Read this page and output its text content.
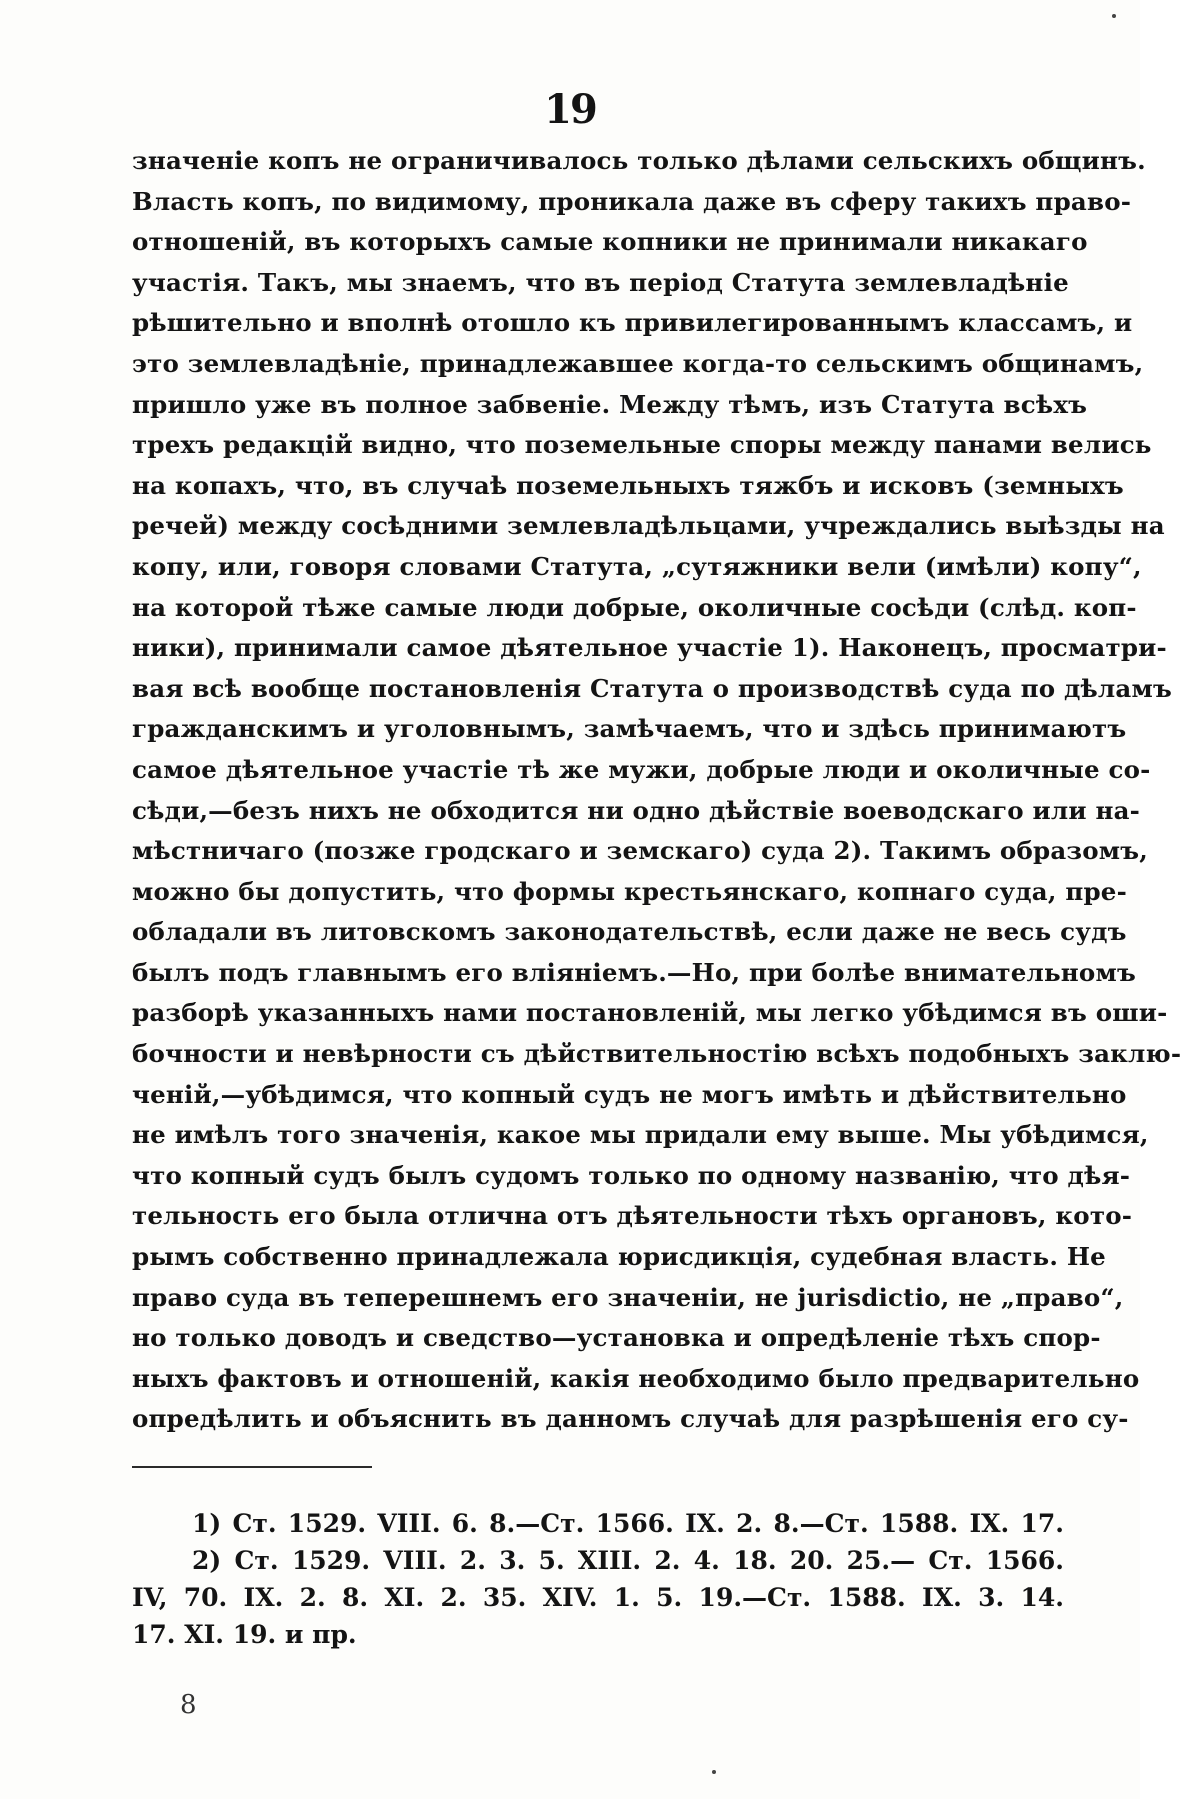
19
значеніе копъ не ограничивалось только дѣлами сельскихъ общинъ.
Власть копъ, по видимому, проникала даже въ сферу такихъ право-
отношеній, въ которыхъ самые копники не принимали никакаго
участія. Такъ, мы знаемъ, что въ період Статута землевладѣніе
рѣшительно и вполнѣ отошло къ привилегированнымъ классамъ, и
это землевладѣніе, принадлежавшее когда-то сельскимъ общинамъ,
пришло уже въ полное забвеніе. Между тѣмъ, изъ Статута всѣхъ
трехъ редакцій видно, что поземельные споры между панами велись
на копахъ, что, въ случаѣ поземельныхъ тяжбъ и исковъ (земныхъ
речей) между сосѣдними землевладѣльцами, учреждались выѣзды на
копу, или, говоря словами Статута, „сутяжники вели (имѣли) копу“,
на которой тѣже самые люди добрые, околичные сосѣди (слѣд. коп-
ники), принимали самое дѣятельное участіе 1). Наконецъ, просматри-
вая всѣ вообще постановленія Статута о производствѣ суда по дѣламъ
гражданскимъ и уголовнымъ, замѣчаемъ, что и здѣсь принимаютъ
самое дѣятельное участіе тѣ же мужи, добрые люди и околичные со-
сѣди,—безъ нихъ не обходится ни одно дѣйствіе воеводскаго или на-
мѣстничаго (позже гродскаго и земскаго) суда 2). Такимъ образомъ,
можно бы допустить, что формы крестьянскаго, копнаго суда, пре-
обладали въ литовскомъ законодательствѣ, если даже не весь судъ
былъ подъ главнымъ его вліяніемъ.—Но, при болѣе внимательномъ
разборѣ указанныхъ нами постановленій, мы легко убѣдимся въ оши-
бочности и невѣрности съ дѣйствительностію всѣхъ подобныхъ заклю-
ченій,—убѣдимся, что копный судъ не могъ имѣть и дѣйствительно
не имѣлъ того значенія, какое мы придали ему выше. Мы убѣдимся,
что копный судъ былъ судомъ только по одному названію, что дѣя-
тельность его была отлична отъ дѣятельности тѣхъ органовъ, кото-
рымъ собственно принадлежала юрисдикція, судебная власть. Не
право суда въ теперешнемъ его значеніи, не jurisdictio, не „право“,
но только доводъ и сведство—установка и опредѣленіе тѣхъ спор-
ныхъ фактовъ и отношеній, какія необходимо было предварительно
опредѣлить и объяснить въ данномъ случаѣ для разрѣшенія его су-
1) Ст. 1529. VIII. 6. 8.—Ст. 1566. IX. 2. 8.—Ст. 1588. IX. 17.
2) Ст. 1529. VIII. 2. 3. 5. XIII. 2. 4. 18. 20. 25.— Ст. 1566.
IV, 70. IX. 2. 8. XI. 2. 35. XIV. 1. 5. 19.—Ст. 1588. IX. 3. 14.
17. XI. 19. и пр.
8
